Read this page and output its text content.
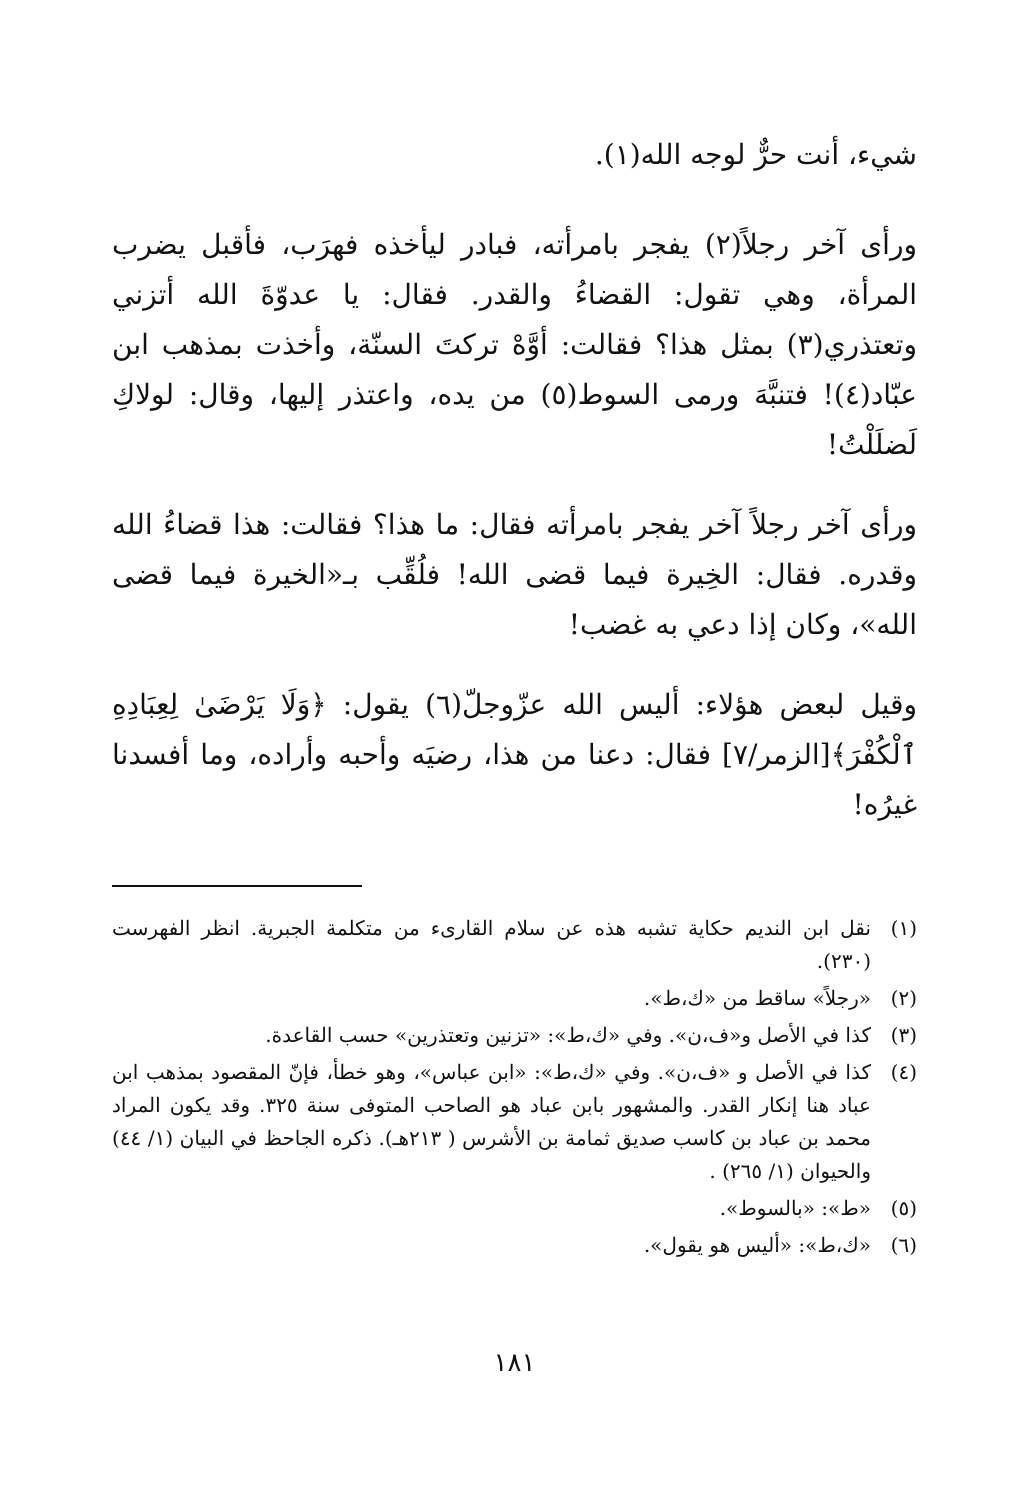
شيء، أنت حرٌّ لوجه الله(١).

ورأى آخر رجلاً(٢) يفجر بامرأته، فبادر ليأخذه فهرَب، فأقبل يضرب المرأة، وهي تقول: القضاءُ والقدر. فقال: يا عدوّةَ الله أتزني وتعتذري(٣) بمثل هذا؟ فقالت: أوَّهْ تركتَ السنّة، وأخذت بمذهب ابن عبّاد(٤)! فتنبَّهَ ورمى السوط(٥) من يده، واعتذر إليها، وقال: لولاكِ لَضلَلْتُ!

ورأى آخر رجلاً آخر يفجر بامرأته فقال: ما هذا؟ فقالت: هذا قضاءُ الله وقدره. فقال: الخِيرة فيما قضى الله! فلُقِّب بـ«الخيرة فيما قضى الله»، وكان إذا دعي به غضب!

وقيل لبعض هؤلاء: أليس الله عزّوجلّ(٦) يقول: ﴿وَلَا يَرْضَىٰ لِعِبَادِهِ ٱلْكُفْرَ﴾[الزمر/٧] فقال: دعنا من هذا، رضيَه وأحبه وأراده، وما أفسدنا غيرُه!

(١)
نقل ابن النديم حكاية تشبه هذه عن سلام القارىء من متكلمة الجبرية. انظر الفهرست (٢٣٠).
(٢)
«رجلاً» ساقط من «ك،ط».
(٣)
كذا في الأصل و«ف،ن». وفي «ك،ط»: «تزنين وتعتذرين» حسب القاعدة.
(٤)
كذا في الأصل و «ف،ن». وفي «ك،ط»: «ابن عباس»، وهو خطأ، فإنّ المقصود بمذهب ابن عباد هنا إنكار القدر. والمشهور بابن عباد هو الصاحب المتوفى سنة ٣٢٥. وقد يكون المراد محمد بن عباد بن كاسب صديق ثمامة بن الأشرس ( ٢١٣هـ). ذكره الجاحظ في البيان (١/ ٤٤) والحيوان (١/ ٢٦٥) .
(٥)
«ط»: «بالسوط».
(٦)
«ك،ط»: «أليس هو يقول».
١٨١
